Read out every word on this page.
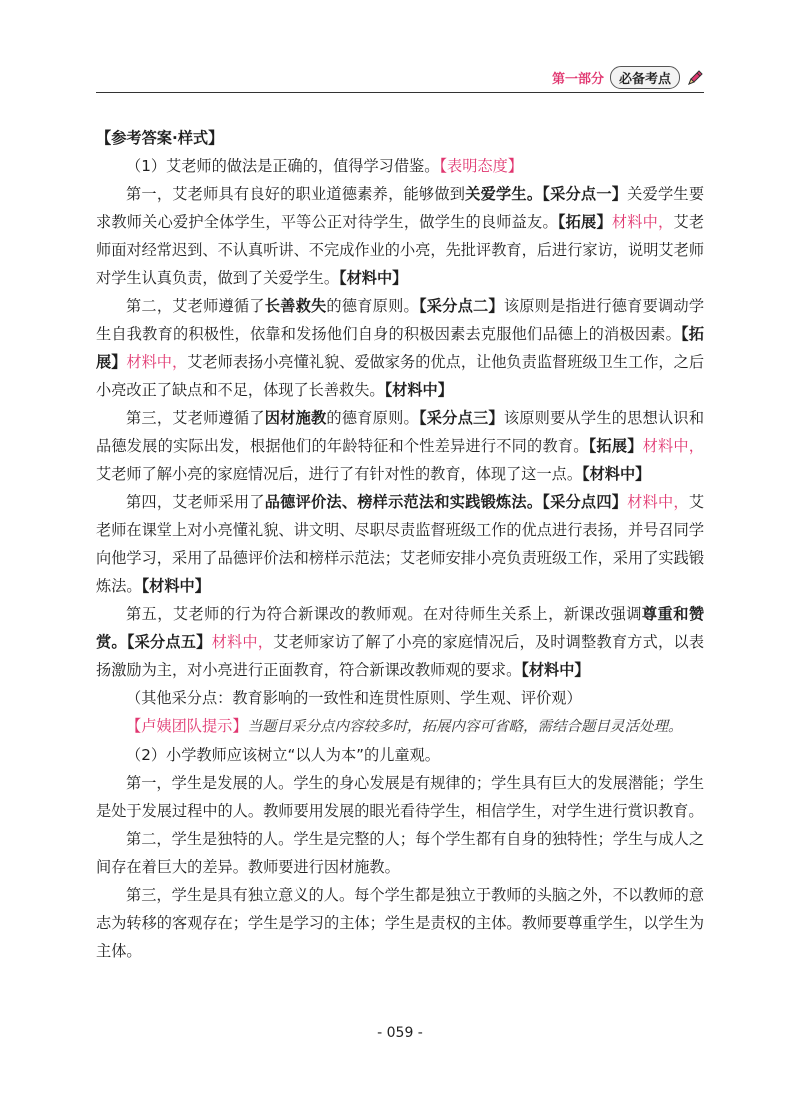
第一部分	必备考点

【参考答案·样式】

（1）艾老师的做法是正确的，值得学习借鉴。【表明态度】

第一，艾老师具有良好的职业道德素养，能够做到关爱学生。【采分点一】关爱学生要求教师关心爱护全体学生，平等公正对待学生，做学生的良师益友。【拓展】材料中，艾老师面对经常迟到、不认真听讲、不完成作业的小亮，先批评教育，后进行家访，说明艾老师对学生认真负责，做到了关爱学生。【材料中】

第二，艾老师遵循了长善救失的德育原则。【采分点二】该原则是指进行德育要调动学生自我教育的积极性，依靠和发扬他们自身的积极因素去克服他们品德上的消极因素。【拓展】材料中，艾老师表扬小亮懂礼貌、爱做家务的优点，让他负责监督班级卫生工作，之后小亮改正了缺点和不足，体现了长善救失。【材料中】

第三，艾老师遵循了因材施教的德育原则。【采分点三】该原则要从学生的思想认识和品德发展的实际出发，根据他们的年龄特征和个性差异进行不同的教育。【拓展】材料中，艾老师了解小亮的家庭情况后，进行了有针对性的教育，体现了这一点。【材料中】

第四，艾老师采用了品德评价法、榜样示范法和实践锻炼法。【采分点四】材料中，艾老师在课堂上对小亮懂礼貌、讲文明、尽职尽责监督班级工作的优点进行表扬，并号召同学向他学习，采用了品德评价法和榜样示范法；艾老师安排小亮负责班级工作，采用了实践锻炼法。【材料中】

第五，艾老师的行为符合新课改的教师观。在对待师生关系上，新课改强调尊重和赞赏。【采分点五】材料中，艾老师家访了解了小亮的家庭情况后，及时调整教育方式，以表扬激励为主，对小亮进行正面教育，符合新课改教师观的要求。【材料中】

（其他采分点：教育影响的一致性和连贯性原则、学生观、评价观）

【卢姨团队提示】当题目采分点内容较多时，拓展内容可省略，需结合题目灵活处理。

（2）小学教师应该树立“以人为本”的儿童观。

第一，学生是发展的人。学生的身心发展是有规律的；学生具有巨大的发展潜能；学生是处于发展过程中的人。教师要用发展的眼光看待学生，相信学生，对学生进行赏识教育。

第二，学生是独特的人。学生是完整的人；每个学生都有自身的独特性；学生与成人之间存在着巨大的差异。教师要进行因材施教。

第三，学生是具有独立意义的人。每个学生都是独立于教师的头脑之外，不以教师的意志为转移的客观存在；学生是学习的主体；学生是责权的主体。教师要尊重学生，以学生为主体。

- 059 -
